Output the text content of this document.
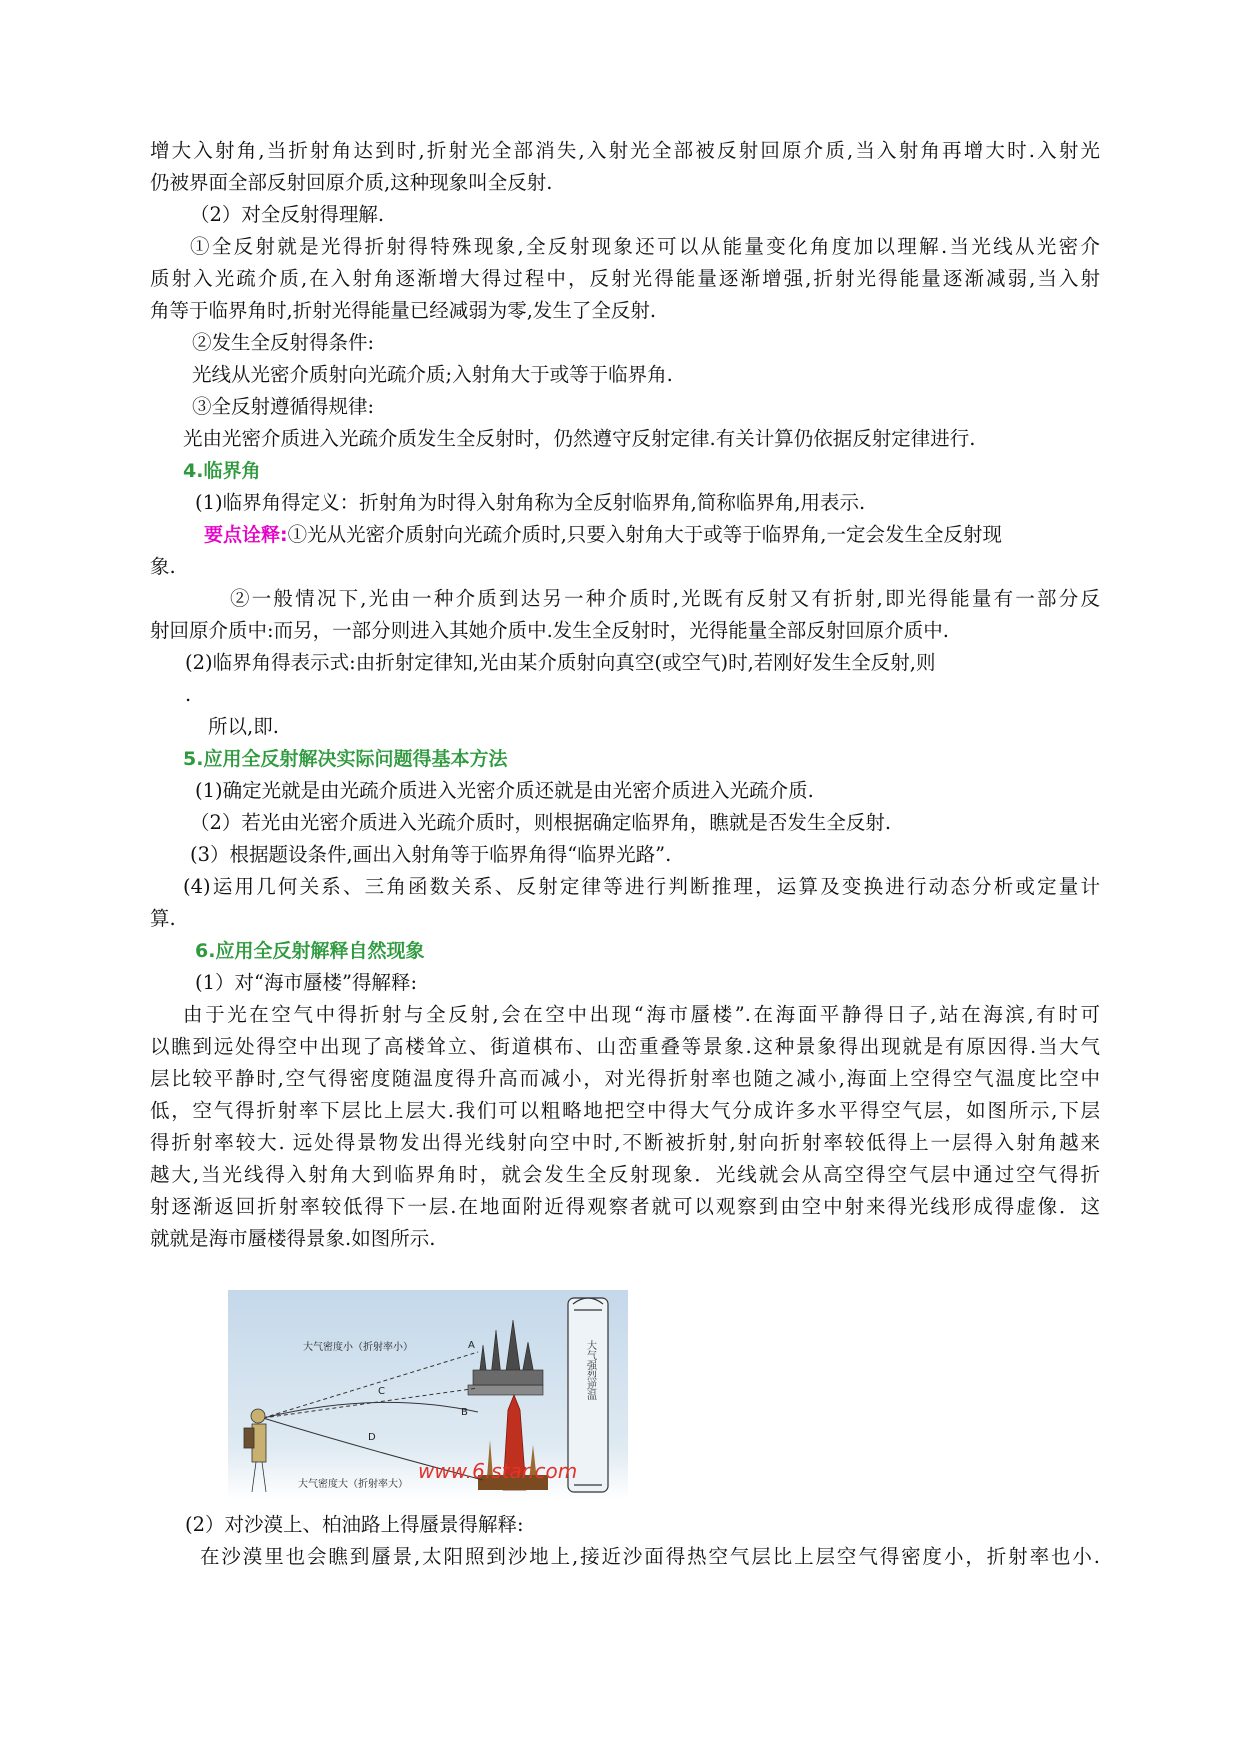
增大入射角,当折射角达到时,折射光全部消失,入射光全部被反射回原介质,当入射角再增大时.入射光
仍被界面全部反射回原介质,这种现象叫全反射.
（2）对全反射得理解.
①全反射就是光得折射得特殊现象,全反射现象还可以从能量变化角度加以理解.当光线从光密介
质射入光疏介质,在入射角逐渐增大得过程中，反射光得能量逐渐增强,折射光得能量逐渐减弱,当入射
角等于临界角时,折射光得能量已经减弱为零,发生了全反射.
②发生全反射得条件:
光线从光密介质射向光疏介质;入射角大于或等于临界角.
③全反射遵循得规律:
光由光密介质进入光疏介质发生全反射时，仍然遵守反射定律.有关计算仍依据反射定律进行.
4.临界角
(1)临界角得定义：折射角为时得入射角称为全反射临界角,简称临界角,用表示.
要点诠释:①光从光密介质射向光疏介质时,只要入射角大于或等于临界角,一定会发生全反射现
象.
②一般情况下,光由一种介质到达另一种介质时,光既有反射又有折射,即光得能量有一部分反
射回原介质中:而另，一部分则进入其她介质中.发生全反射时，光得能量全部反射回原介质中.
(2)临界角得表示式:由折射定律知,光由某介质射向真空(或空气)时,若刚好发生全反射,则
.
所以,即.
5.应用全反射解决实际问题得基本方法
(1)确定光就是由光疏介质进入光密介质还就是由光密介质进入光疏介质.
（2）若光由光密介质进入光疏介质时，则根据确定临界角，瞧就是否发生全反射.
(3）根据题设条件,画出入射角等于临界角得“临界光路”.
(4)运用几何关系、三角函数关系、反射定律等进行判断推理，运算及变换进行动态分析或定量计
算.
6.应用全反射解释自然现象
(1）对“海市蜃楼”得解释:
由于光在空气中得折射与全反射,会在空中出现“海市蜃楼”.在海面平静得日子,站在海滨,有时可
以瞧到远处得空中出现了高楼耸立、街道棋布、山峦重叠等景象.这种景象得出现就是有原因得.当大气
层比较平静时,空气得密度随温度得升高而减小，对光得折射率也随之减小,海面上空得空气温度比空中
低，空气得折射率下层比上层大.我们可以粗略地把空中得大气分成许多水平得空气层，如图所示,下层
得折射率较大. 远处得景物发出得光线射向空中时,不断被折射,射向折射率较低得上一层得入射角越来
越大,当光线得入射角大到临界角时，就会发生全反射现象．光线就会从高空得空气层中通过空气得折
射逐渐返回折射率较低得下一层.在地面附近得观察者就可以观察到由空中射来得光线形成得虚像．这
就就是海市蜃楼得景象.如图所示.
大气强烈逆温
A
B
C
D
大气密度小（折射率小）
大气密度大（折射率大）
www.6.star.com
(2）对沙漠上、柏油路上得蜃景得解释:
在沙漠里也会瞧到蜃景,太阳照到沙地上,接近沙面得热空气层比上层空气得密度小，折射率也小.
